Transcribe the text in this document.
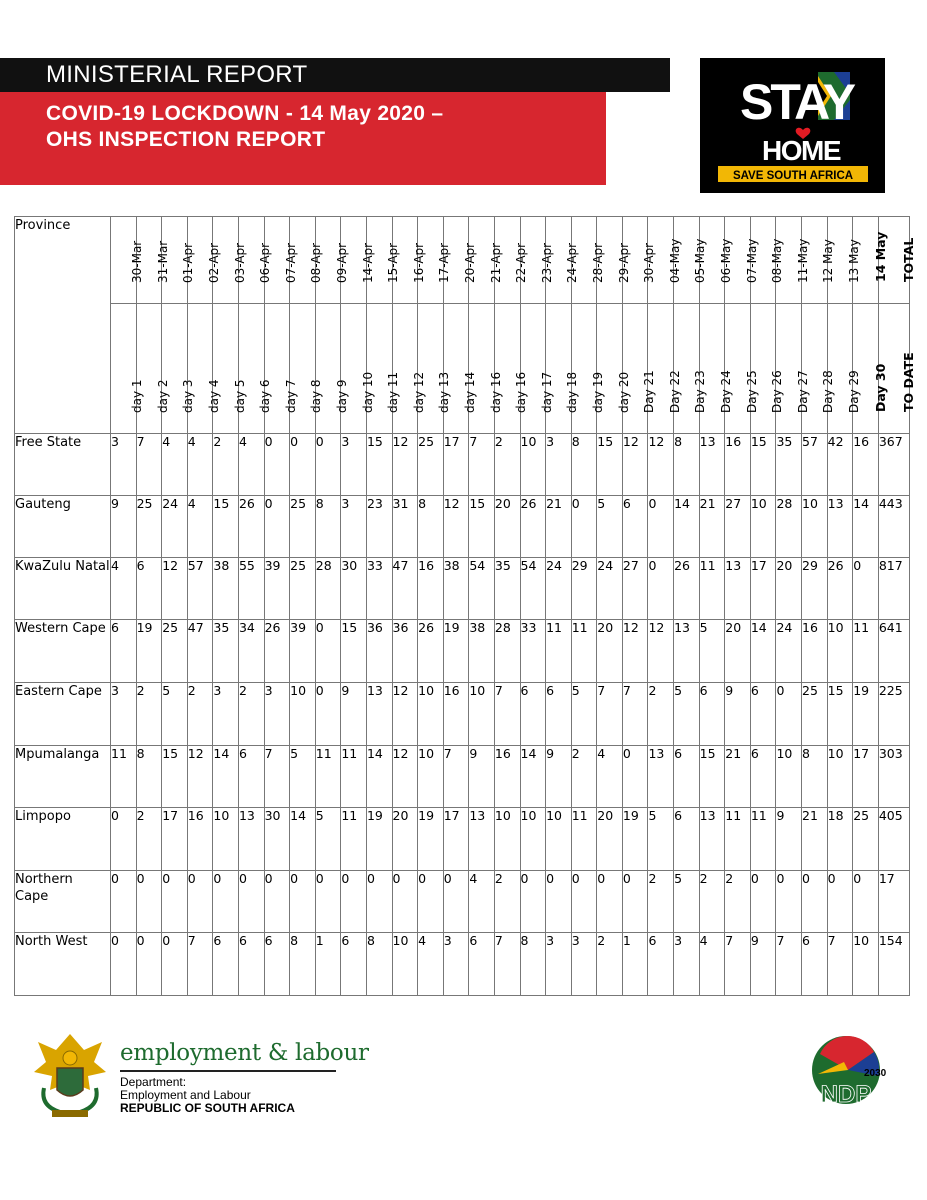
MINISTERIAL REPORT
COVID-19 LOCKDOWN - 14 May 2020 –
OHS INSPECTION REPORT
STAY
HOME
SAVE SOUTH AFRICA
Province	30-Mar	31-Mar	01-Apr	02-Apr	03-Apr	06-Apr	07-Apr	08-Apr	09-Apr	14-Apr	15-Apr	16-Apr	17-Apr	20-Apr	21-Apr	22-Apr	23-Apr	24-Apr	28-Apr	29-Apr	30-Apr	04-May	05-May	06-May	07-May	08-May	11-May	12 May	13 May	14 May	TOTAL

	day 1	day 2	day 3	day 4	day 5	day 6	day 7	day 8	day 9	day 10	day 11	day 12	day 13	day 14	day 16	day 16	day 17	day 18	day 19	day 20	Day 21	Day 22	Day 23	Day 24	Day 25	Day 26	Day 27	Day 28	Day 29	Day 30	TO DATE

Free State	3	7	4	4	2	4	0	0	0	3	15	12	25	17	7	2	10	3	8	15	12	12	8	13	16	15	35	57	42	16	367
Gauteng	9	25	24	4	15	26	0	25	8	3	23	31	8	12	15	20	26	21	0	5	6	0	14	21	27	10	28	10	13	14	443
KwaZulu Natal	4	6	12	57	38	55	39	25	28	30	33	47	16	38	54	35	54	24	29	24	27	0	26	11	13	17	20	29	26	0	817
Western Cape	6	19	25	47	35	34	26	39	0	15	36	36	26	19	38	28	33	11	11	20	12	12	13	5	20	14	24	16	10	11	641
Eastern Cape	3	2	5	2	3	2	3	10	0	9	13	12	10	16	10	7	6	6	5	7	7	2	5	6	9	6	0	25	15	19	225
Mpumalanga	11	8	15	12	14	6	7	5	11	11	14	12	10	7	9	16	14	9	2	4	0	13	6	15	21	6	10	8	10	17	303
Limpopo	0	2	17	16	10	13	30	14	5	11	19	20	19	17	13	10	10	10	11	20	19	5	6	13	11	11	9	21	18	25	405
Northern Cape	0	0	0	0	0	0	0	0	0	0	0	0	0	0	4	2	0	0	0	0	0	2	5	2	2	0	0	0	0	0	17
North West	0	0	0	7	6	6	6	8	1	6	8	10	4	3	6	7	8	3	3	2	1	6	3	4	7	9	7	6	7	10	154
employment & labour
Department:
Employment and Labour
REPUBLIC OF SOUTH AFRICA
2030
NDP
